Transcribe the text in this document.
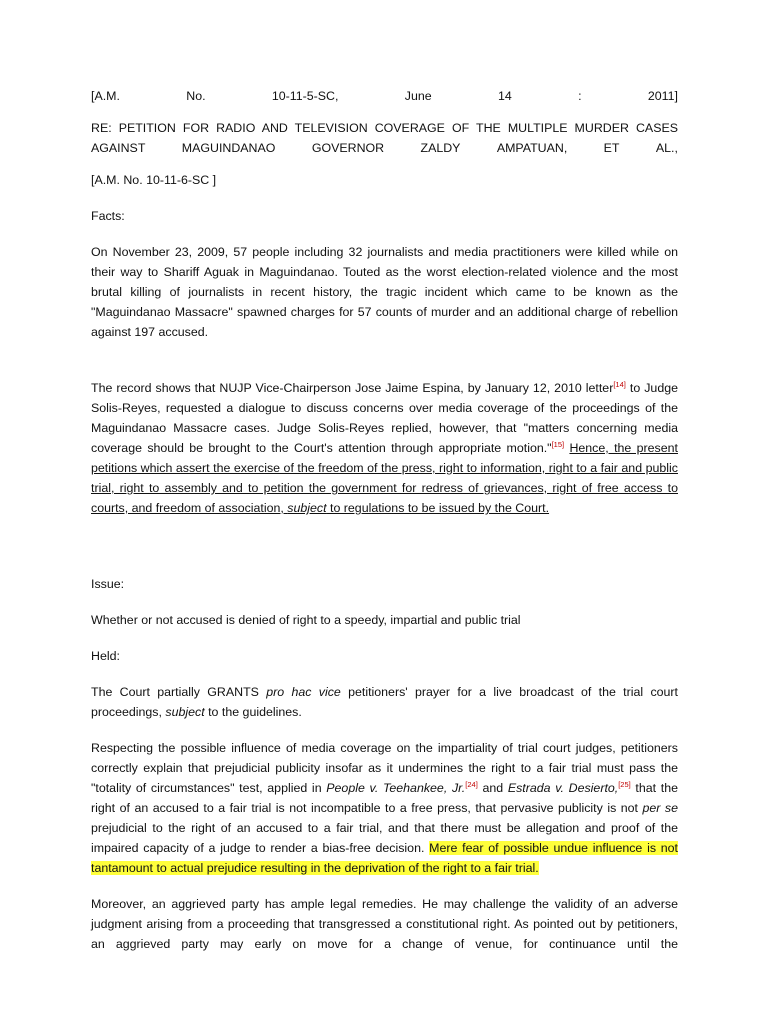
[A.M.	No.	10-11-5-SC,	June	14	:	2011]
RE: PETITION FOR RADIO AND TELEVISION COVERAGE OF THE MULTIPLE MURDER CASES
AGAINST	MAGUINDANAO	GOVERNOR	ZALDY	AMPATUAN,	ET	AL.,
[A.M. No. 10-11-6-SC ]
Facts:

On November 23, 2009, 57 people including 32 journalists and media practitioners were killed while on their way to Shariff Aguak in Maguindanao. Touted as the worst election-related violence and the most brutal killing of journalists in recent history, the tragic incident which came to be known as the "Maguindanao Massacre" spawned charges for 57 counts of murder and an additional charge of rebellion against 197 accused.

The record shows that NUJP Vice-Chairperson Jose Jaime Espina, by January 12, 2010 letter[14] to Judge Solis-Reyes, requested a dialogue to discuss concerns over media coverage of the proceedings of the Maguindanao Massacre cases. Judge Solis-Reyes replied, however, that "matters concerning media coverage should be brought to the Court's attention through appropriate motion."[15] Hence, the present petitions which assert the exercise of the freedom of the press, right to information, right to a fair and public trial, right to assembly and to petition the government for redress of grievances, right of free access to courts, and freedom of association, subject to regulations to be issued by the Court.

Issue:
Whether or not accused is denied of right to a speedy, impartial and public trial
Held:

The Court partially GRANTS pro hac vice petitioners' prayer for a live broadcast of the trial court proceedings, subject to the guidelines.

Respecting the possible influence of media coverage on the impartiality of trial court judges, petitioners correctly explain that prejudicial publicity insofar as it undermines the right to a fair trial must pass the "totality of circumstances" test, applied in People v. Teehankee, Jr.[24] and Estrada v. Desierto,[25] that the right of an accused to a fair trial is not incompatible to a free press, that pervasive publicity is not per se prejudicial to the right of an accused to a fair trial, and that there must be allegation and proof of the impaired capacity of a judge to render a bias-free decision. Mere fear of possible undue influence is not tantamount to actual prejudice resulting in the deprivation of the right to a fair trial.

Moreover, an aggrieved party has ample legal remedies. He may challenge the validity of an adverse judgment arising from a proceeding that transgressed a constitutional right. As pointed out by petitioners, an aggrieved party may early on move for a change of venue, for continuance until the
